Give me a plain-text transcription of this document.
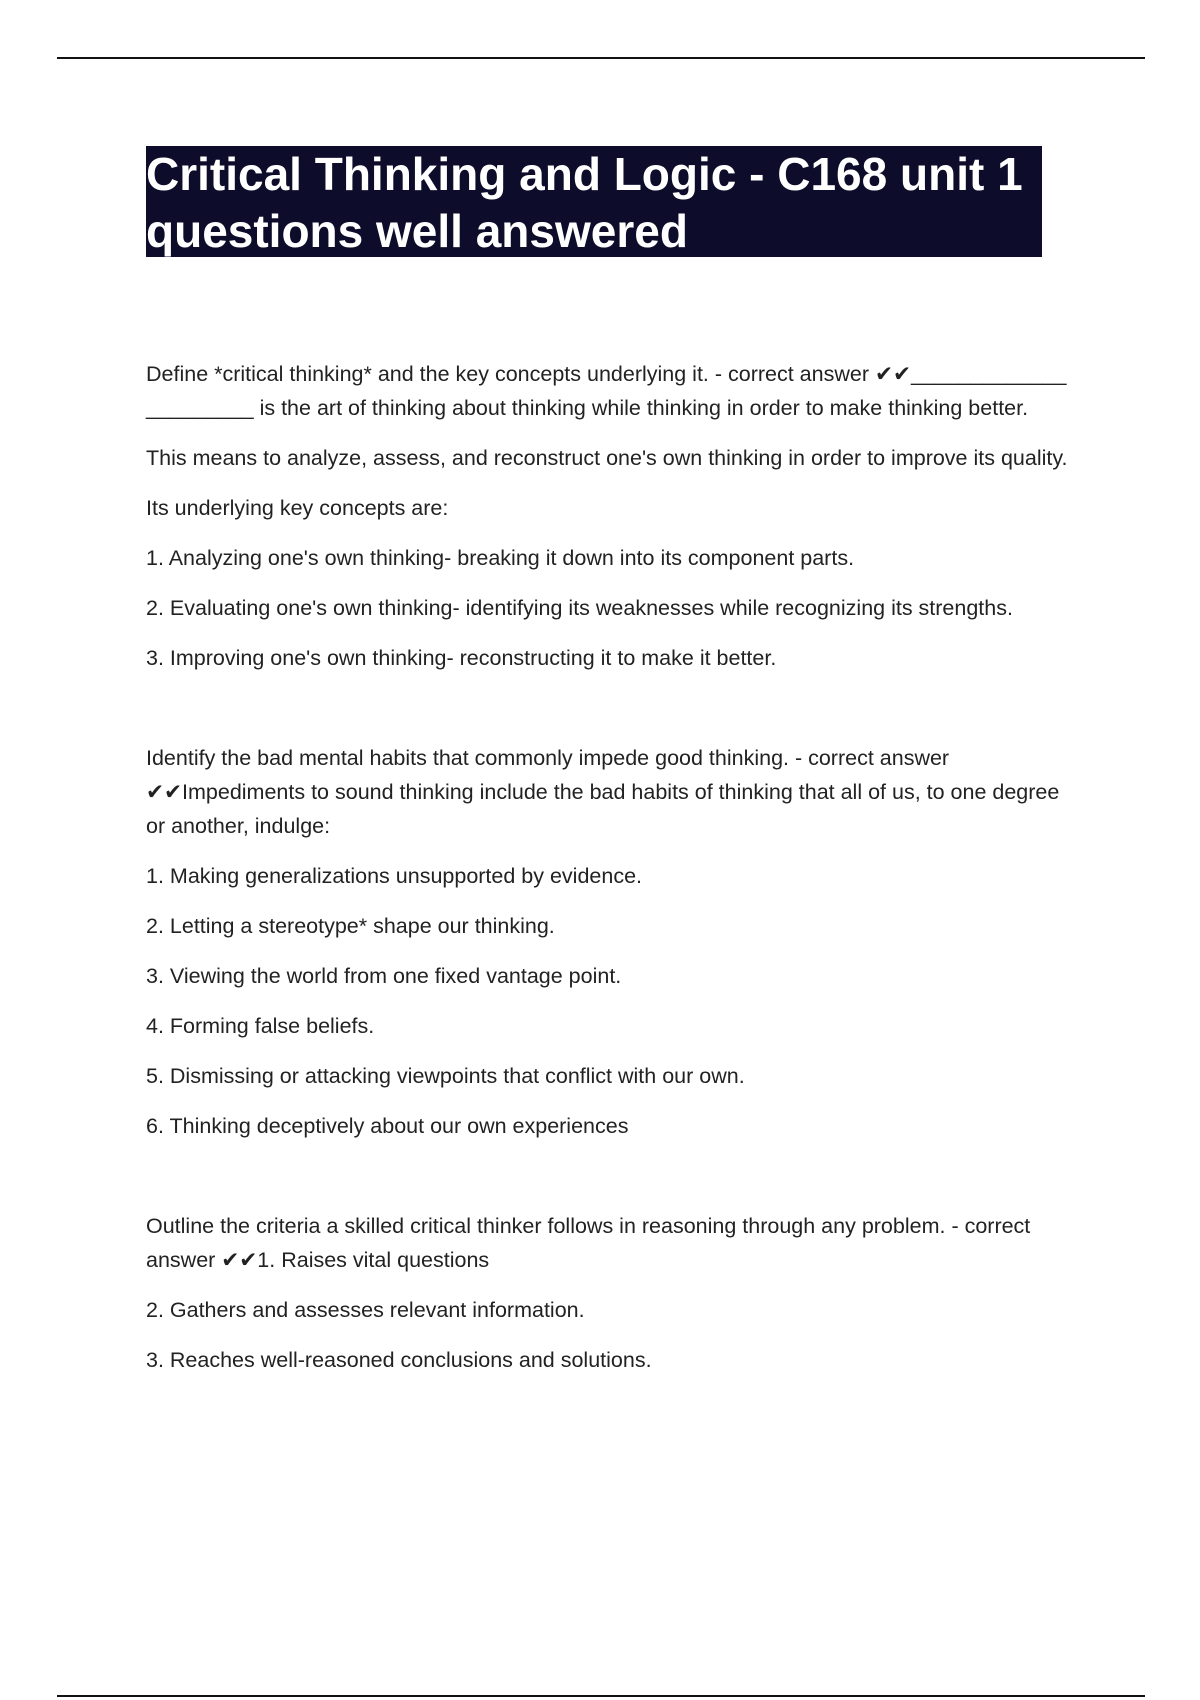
Critical Thinking and Logic - C168 unit 1 questions well answered

Define *critical thinking* and the key concepts underlying it. - correct answer ✔✔_____________ _________ is the art of thinking about thinking while thinking in order to make thinking better.

This means to analyze, assess, and reconstruct one's own thinking in order to improve its quality.

Its underlying key concepts are:

1. Analyzing one's own thinking- breaking it down into its component parts.

2. Evaluating one's own thinking- identifying its weaknesses while recognizing its strengths.

3. Improving one's own thinking- reconstructing it to make it better.

Identify the bad mental habits that commonly impede good thinking. - correct answer ✔✔Impediments to sound thinking include the bad habits of thinking that all of us, to one degree or another, indulge:

1. Making generalizations unsupported by evidence.

2. Letting a stereotype* shape our thinking.

3. Viewing the world from one fixed vantage point.

4. Forming false beliefs.

5. Dismissing or attacking viewpoints that conflict with our own.

6. Thinking deceptively about our own experiences

Outline the criteria a skilled critical thinker follows in reasoning through any problem. - correct answer ✔✔1. Raises vital questions

2. Gathers and assesses relevant information.

3. Reaches well-reasoned conclusions and solutions.
